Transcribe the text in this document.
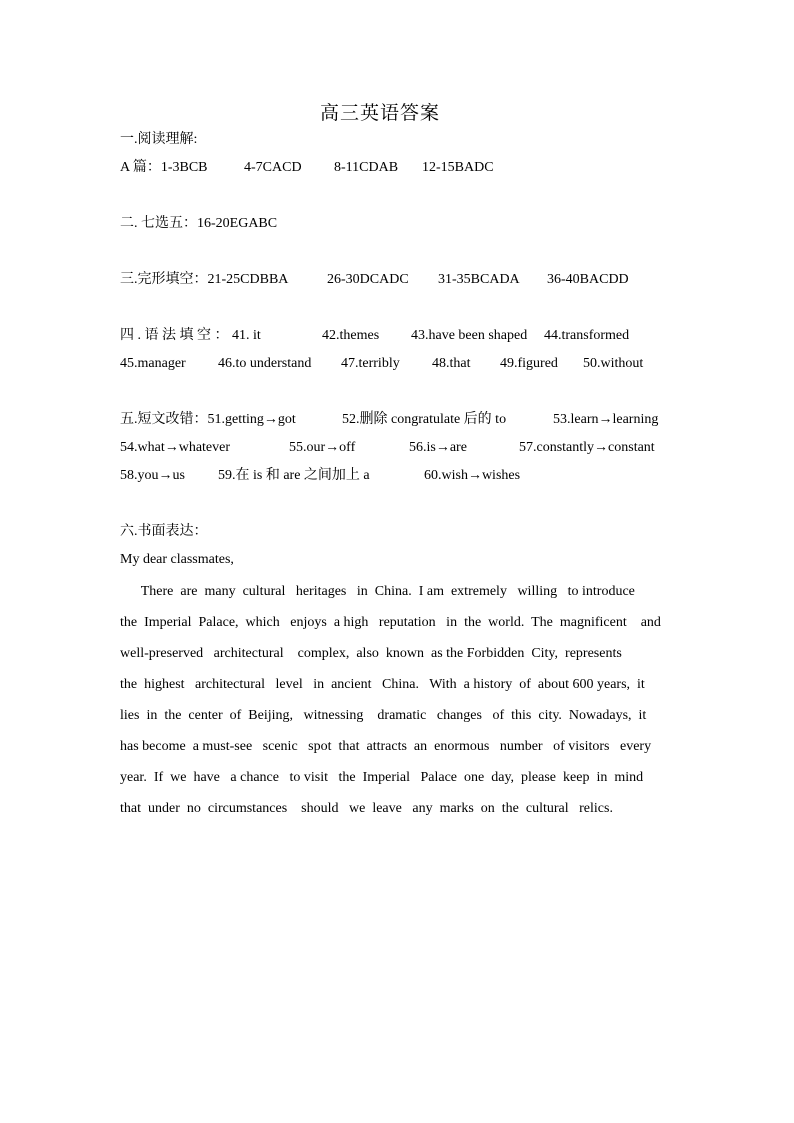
高三英语答案
一.阅读理解:
A 篇：1-3BCB	4-7CACD 8-11CDAB 12-15BADC
二. 七选五：16-20EGABC
三.完形填空：21-25CDBBA	26-30DCADC 31-35BCADA 36-40BACDD
四 . 语 法 填 空 ： 41. it	42.themes 43.have been shaped 44.transformed
45.manager 46.to understand 47.terribly 48.that 49.figured 50.without
五.短文改错：51.getting→got	52.删除 congratulate 后的 to	53.learn→learning
54.what→whatever	55.our→off	56.is→are	57.constantly→constant
58.you→us 59.在 is 和 are 之间加上 a	60.wish→wishes
六.书面表达：
My dear classmates,
There  are  many  cultural   heritages   in  China.  I am  extremely   willing   to introduce
the  Imperial  Palace,  which   enjoys  a high   reputation   in  the  world.  The  magnificent    and
well-preserved   architectural    complex,  also  known  as the Forbidden  City,  represents
the  highest   architectural   level   in  ancient   China.   With  a history  of  about 600 years,  it
lies  in  the  center  of  Beijing,   witnessing    dramatic   changes   of  this  city.  Nowadays,  it
has become  a must-see   scenic   spot  that  attracts  an  enormous   number   of visitors   every
year.  If  we  have   a chance   to visit   the  Imperial   Palace  one  day,  please  keep  in  mind
that  under  no  circumstances    should   we  leave   any  marks  on  the  cultural   relics.
